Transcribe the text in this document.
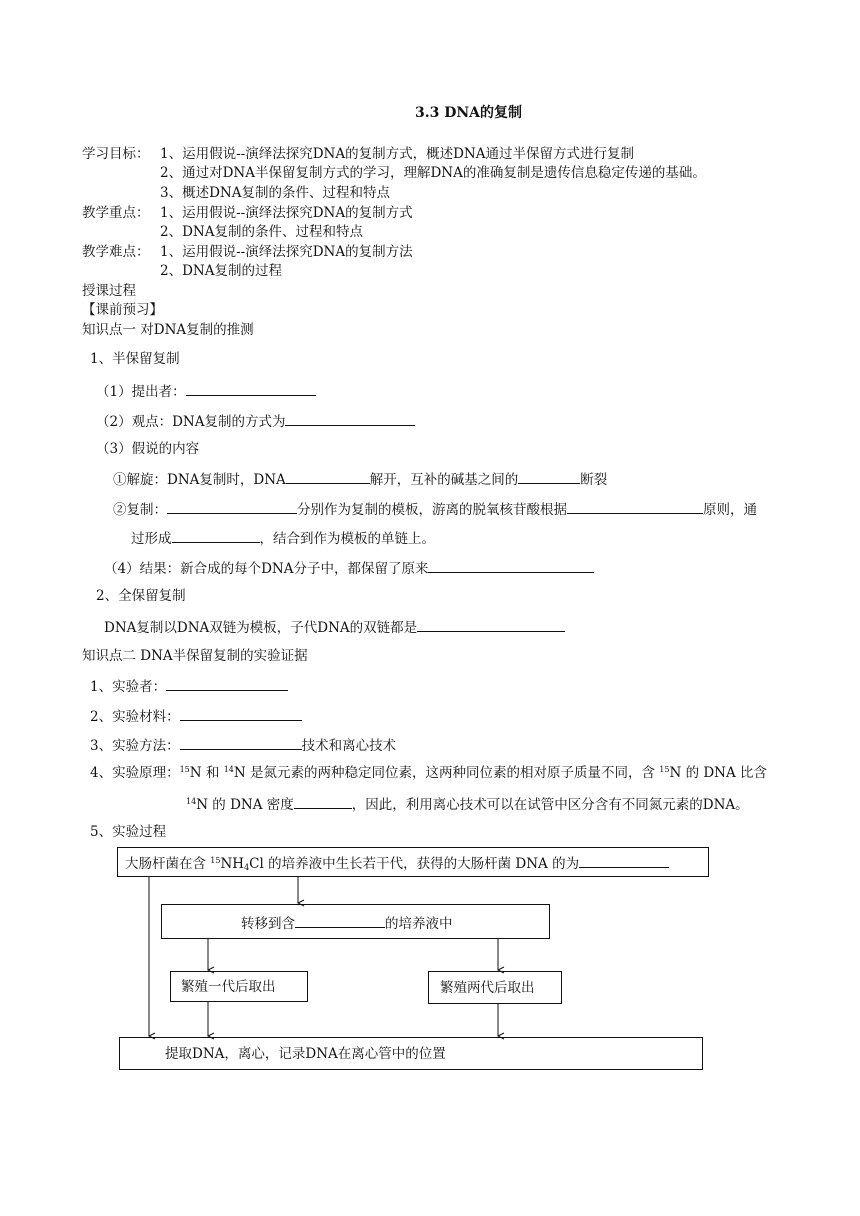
3.3 DNA的复制
学习目标： 1、运用假说--演绎法探究DNA的复制方式，概述DNA通过半保留方式进行复制
2、通过对DNA半保留复制方式的学习，理解DNA的准确复制是遗传信息稳定传递的基础。
3、概述DNA复制的条件、过程和特点
教学重点： 1、运用假说--演绎法探究DNA的复制方式
2、DNA复制的条件、过程和特点
教学难点： 1、运用假说--演绎法探究DNA的复制方法
2、DNA复制的过程
授课过程
【课前预习】
知识点一 对DNA复制的推测
1、半保留复制
（1）提出者：
（2）观点：DNA复制的方式为
（3）假说的内容
①解旋：DNA复制时，DNA	解开，互补的碱基之间的	断裂
②复制：	分别作为复制的模板，游离的脱氧核苷酸根据	原则，通
过形成	，结合到作为模板的单链上。
（4）结果：新合成的每个DNA分子中，都保留了原来
2、全保留复制
DNA复制以DNA双链为模板，子代DNA的双链都是
知识点二 DNA半保留复制的实验证据
1、实验者：
2、实验材料：
3、实验方法：	技术和离心技术
4、实验原理：$^{15}$N 和 $^{14}$N 是氮元素的两种稳定同位素，这两种同位素的相对原子质量不同，含 $^{15}$N 的 DNA 比含
$^{14}$N 的 DNA 密度	，因此，利用离心技术可以在试管中区分含有不同氮元素的DNA。
5、实验过程
大肠杆菌在含 $^{15}NH_4Cl$ 的培养液中生长若干代，获得的大肠杆菌 DNA 的为
转移到含	的培养液中
繁殖一代后取出	繁殖两代后取出
提取DNA，离心，记录DNA在离心管中的位置
